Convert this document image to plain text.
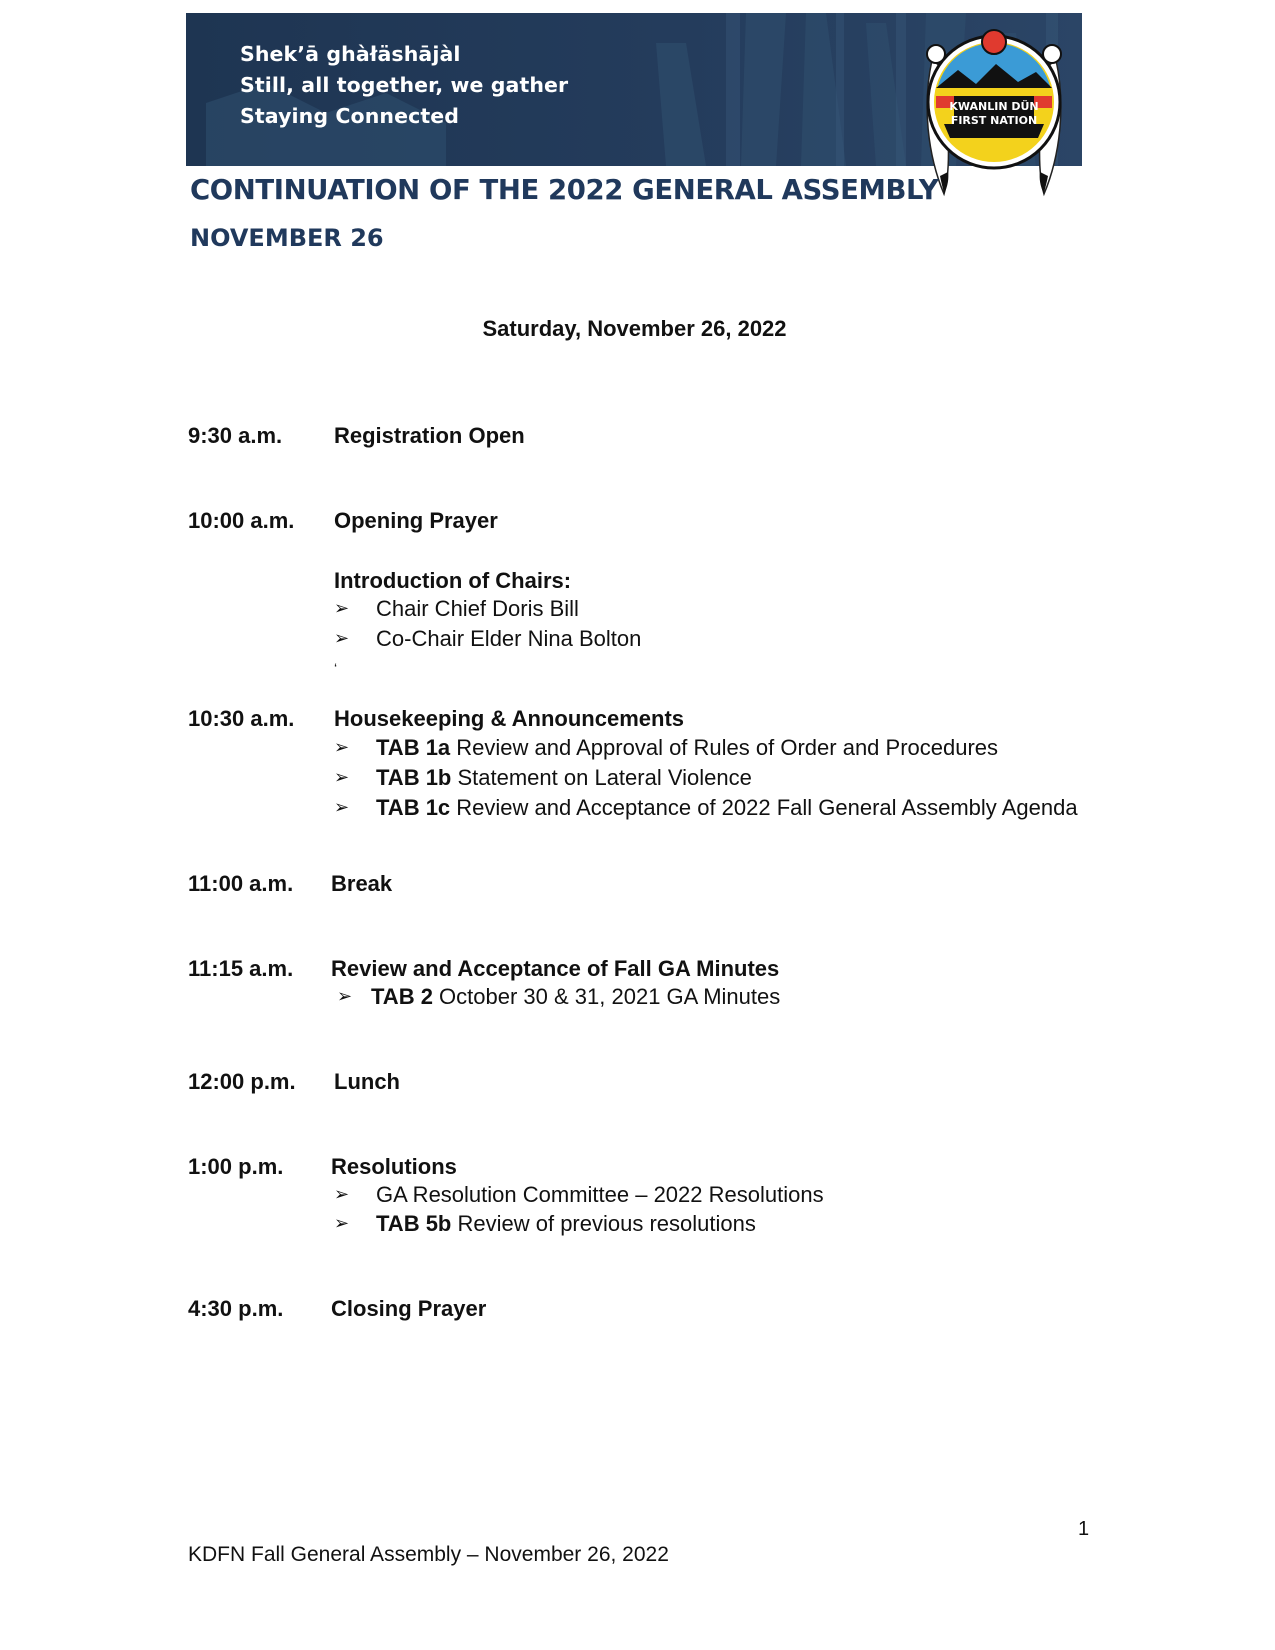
Shekʼā ghàłäshājàl
Still, all together, we gather
Staying Connected	KWANLIN DÜN
FIRST NATION
CONTINUATION OF THE 2022 GENERAL ASSEMBLY
NOVEMBER 26
Saturday, November 26, 2022
9:30 a.m. Registration Open
10:00 a.m. Opening Prayer
Introduction of Chairs:
➢ Chair Chief Doris Bill
➢ Co-Chair Elder Nina Bolton
‘
10:30 a.m. Housekeeping & Announcements
➢ TAB 1a Review and Approval of Rules of Order and Procedures
➢ TAB 1b Statement on Lateral Violence
➢ TAB 1c Review and Acceptance of 2022 Fall General Assembly Agenda
11:00 a.m. Break
11:15 a.m. Review and Acceptance of Fall GA Minutes
➢ TAB 2 October 30 & 31, 2021 GA Minutes
12:00 p.m. Lunch
1:00 p.m. Resolutions
➢ GA Resolution Committee – 2022 Resolutions
➢ TAB 5b Review of previous resolutions
4:30 p.m. Closing Prayer
1
KDFN Fall General Assembly – November 26, 2022
